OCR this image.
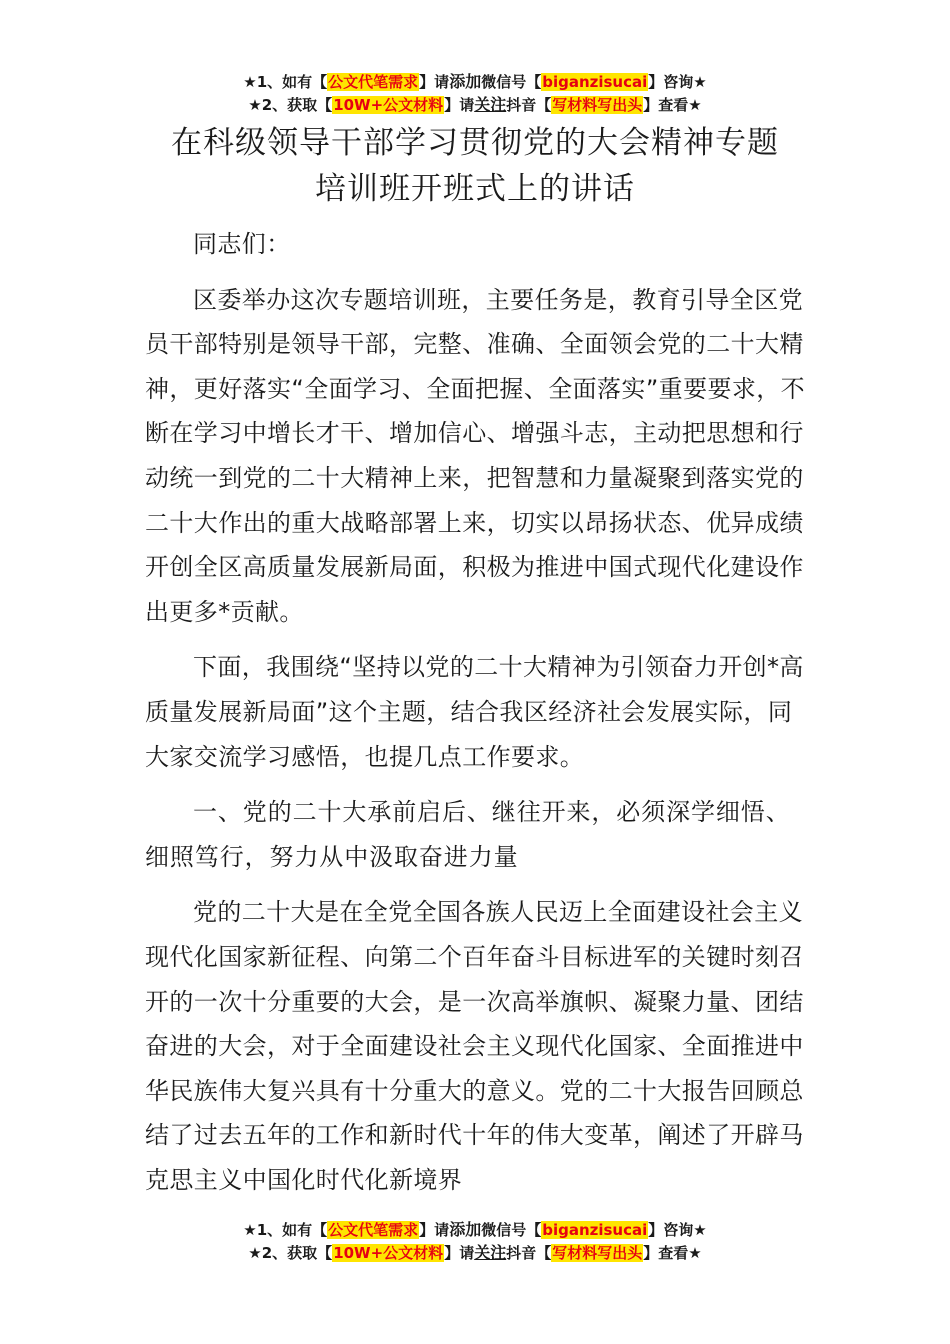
★1、如有【公文代笔需求】请添加微信号【biganzisucai】咨询★
★2、获取【10W+公文材料】请关注抖音【写材料写出头】查看★
在科级领导干部学习贯彻党的大会精神专题
培训班开班式上的讲话

同志们：

区委举办这次专题培训班，主要任务是，教育引导全区党员干部特别是领导干部，完整、准确、全面领会党的二十大精神，更好落实“全面学习、全面把握、全面落实”重要要求，不断在学习中增长才干、增加信心、增强斗志，主动把思想和行动统一到党的二十大精神上来，把智慧和力量凝聚到落实党的二十大作出的重大战略部署上来，切实以昂扬状态、优异成绩开创全区高质量发展新局面，积极为推进中国式现代化建设作出更多*贡献。

下面，我围绕“坚持以党的二十大精神为引领奋力开创*高质量发展新局面”这个主题，结合我区经济社会发展实际，同大家交流学习感悟，也提几点工作要求。

一、党的二十大承前启后、继往开来，必须深学细悟、细照笃行，努力从中汲取奋进力量

党的二十大是在全党全国各族人民迈上全面建设社会主义现代化国家新征程、向第二个百年奋斗目标进军的关键时刻召开的一次十分重要的大会，是一次高举旗帜、凝聚力量、团结奋进的大会，对于全面建设社会主义现代化国家、全面推进中华民族伟大复兴具有十分重大的意义。党的二十大报告回顾总结了过去五年的工作和新时代十年的伟大变革，阐述了开辟马克思主义中国化时代化新境界

★1、如有【公文代笔需求】请添加微信号【biganzisucai】咨询★
★2、获取【10W+公文材料】请关注抖音【写材料写出头】查看★
